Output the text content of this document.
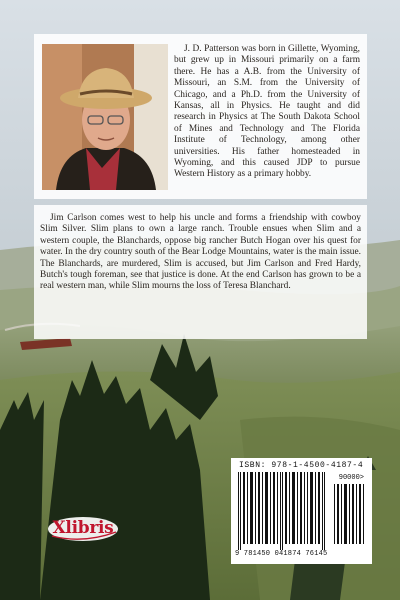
J. D. Patterson was born in Gillette, Wyoming, but grew up in Missouri primarily on a farm there. He has a A.B. from the University of Missouri, an S.M. from the University of Chicago, and a Ph.D. from the University of Kansas, all in Physics. He taught and did research in Physics at The South Dakota School of Mines and Technology and The Florida Institute of Technology, among other universities. His father homesteaded in Wyoming, and this caused JDP to pursue Western History as a primary hobby.

Jim Carlson comes west to help his uncle and forms a friendship with cowboy Slim Silver. Slim plans to own a large ranch. Trouble ensues when Slim and a western couple, the Blanchards, oppose big rancher Butch Hogan over his quest for water. In the dry country south of the Bear Lodge Mountains, water is the main issue. The Blanchards, are murdered, Slim is accused, but Jim Carlson and Fred Hardy, Butch's tough foreman, see that justice is done. At the end Carlson has grown to be a real western man, while Slim mourns the loss of Teresa Blanchard.

ISBN: 978-1-4500-4187-4
90000>
9 781450 041874 76145
Xlibris
